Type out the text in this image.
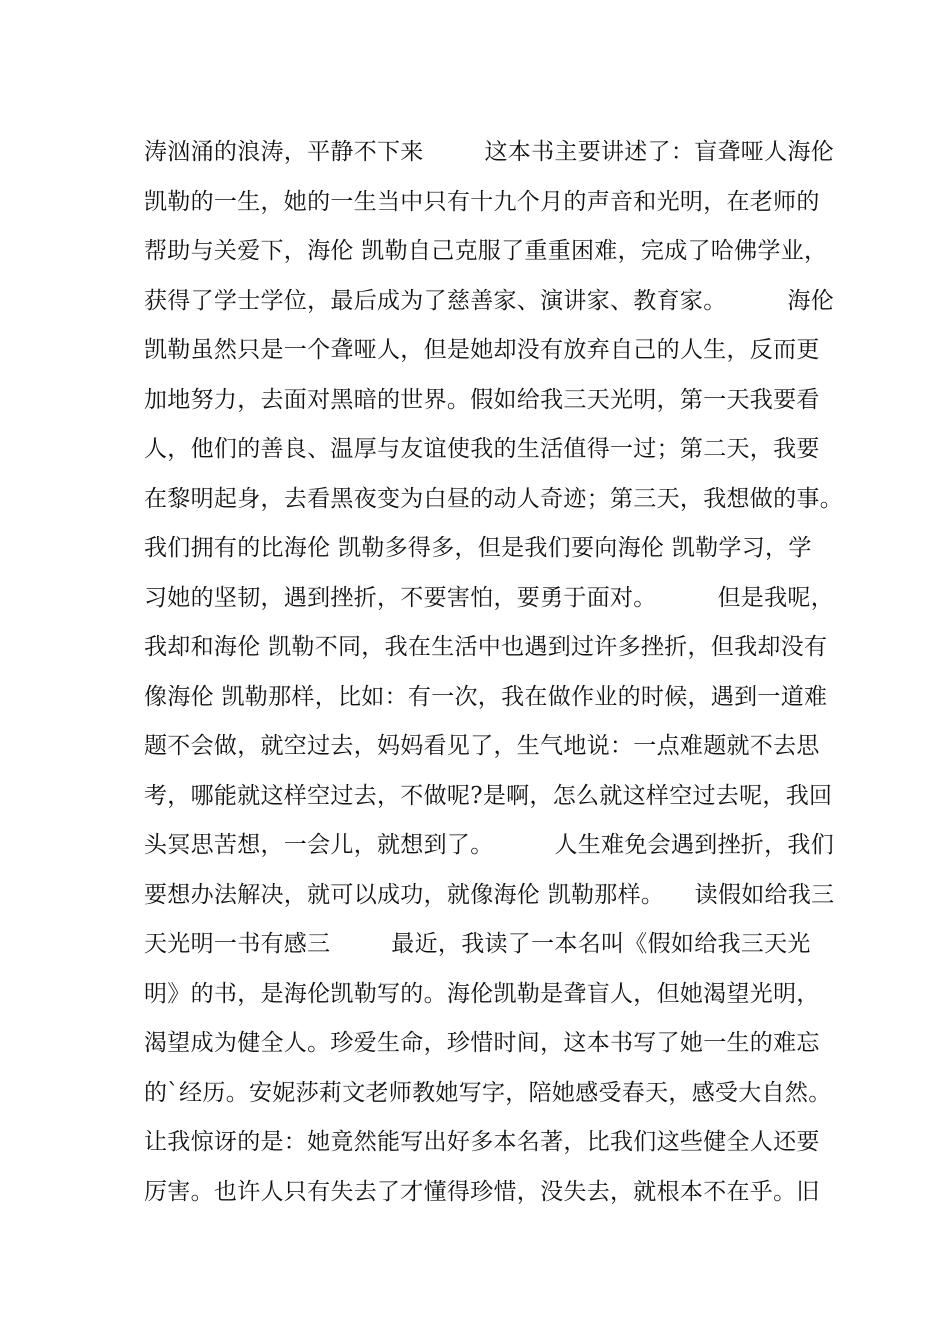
涛汹涌的浪涛，平静不下来        这本书主要讲述了：盲聋哑人海伦
凯勒的一生，她的一生当中只有十九个月的声音和光明，在老师的
帮助与关爱下，海伦 凯勒自己克服了重重困难，完成了哈佛学业，
获得了学士学位，最后成为了慈善家、演讲家、教育家。        海伦
凯勒虽然只是一个聋哑人，但是她却没有放弃自己的人生，反而更
加地努力，去面对黑暗的世界。假如给我三天光明，第一天我要看
人，他们的善良、温厚与友谊使我的生活值得一过；第二天，我要
在黎明起身，去看黑夜变为白昼的动人奇迹；第三天，我想做的事。
我们拥有的比海伦 凯勒多得多，但是我们要向海伦 凯勒学习，学
习她的坚韧，遇到挫折，不要害怕，要勇于面对。        但是我呢，
我却和海伦 凯勒不同，我在生活中也遇到过许多挫折，但我却没有
像海伦 凯勒那样，比如：有一次，我在做作业的时候，遇到一道难
题不会做，就空过去，妈妈看见了，生气地说：一点难题就不去思
考，哪能就这样空过去，不做呢?是啊，怎么就这样空过去呢，我回
头冥思苦想，一会儿，就想到了。        人生难免会遇到挫折，我们
要想办法解决，就可以成功，就像海伦 凯勒那样。    读假如给我三
天光明一书有感三        最近，我读了一本名叫《假如给我三天光
明》的书，是海伦凯勒写的。海伦凯勒是聋盲人，但她渴望光明，
渴望成为健全人。珍爱生命，珍惜时间，这本书写了她一生的难忘
的`经历。安妮莎莉文老师教她写字，陪她感受春天，感受大自然。
让我惊讶的是：她竟然能写出好多本名著，比我们这些健全人还要
厉害。也许人只有失去了才懂得珍惜，没失去，就根本不在乎。旧
